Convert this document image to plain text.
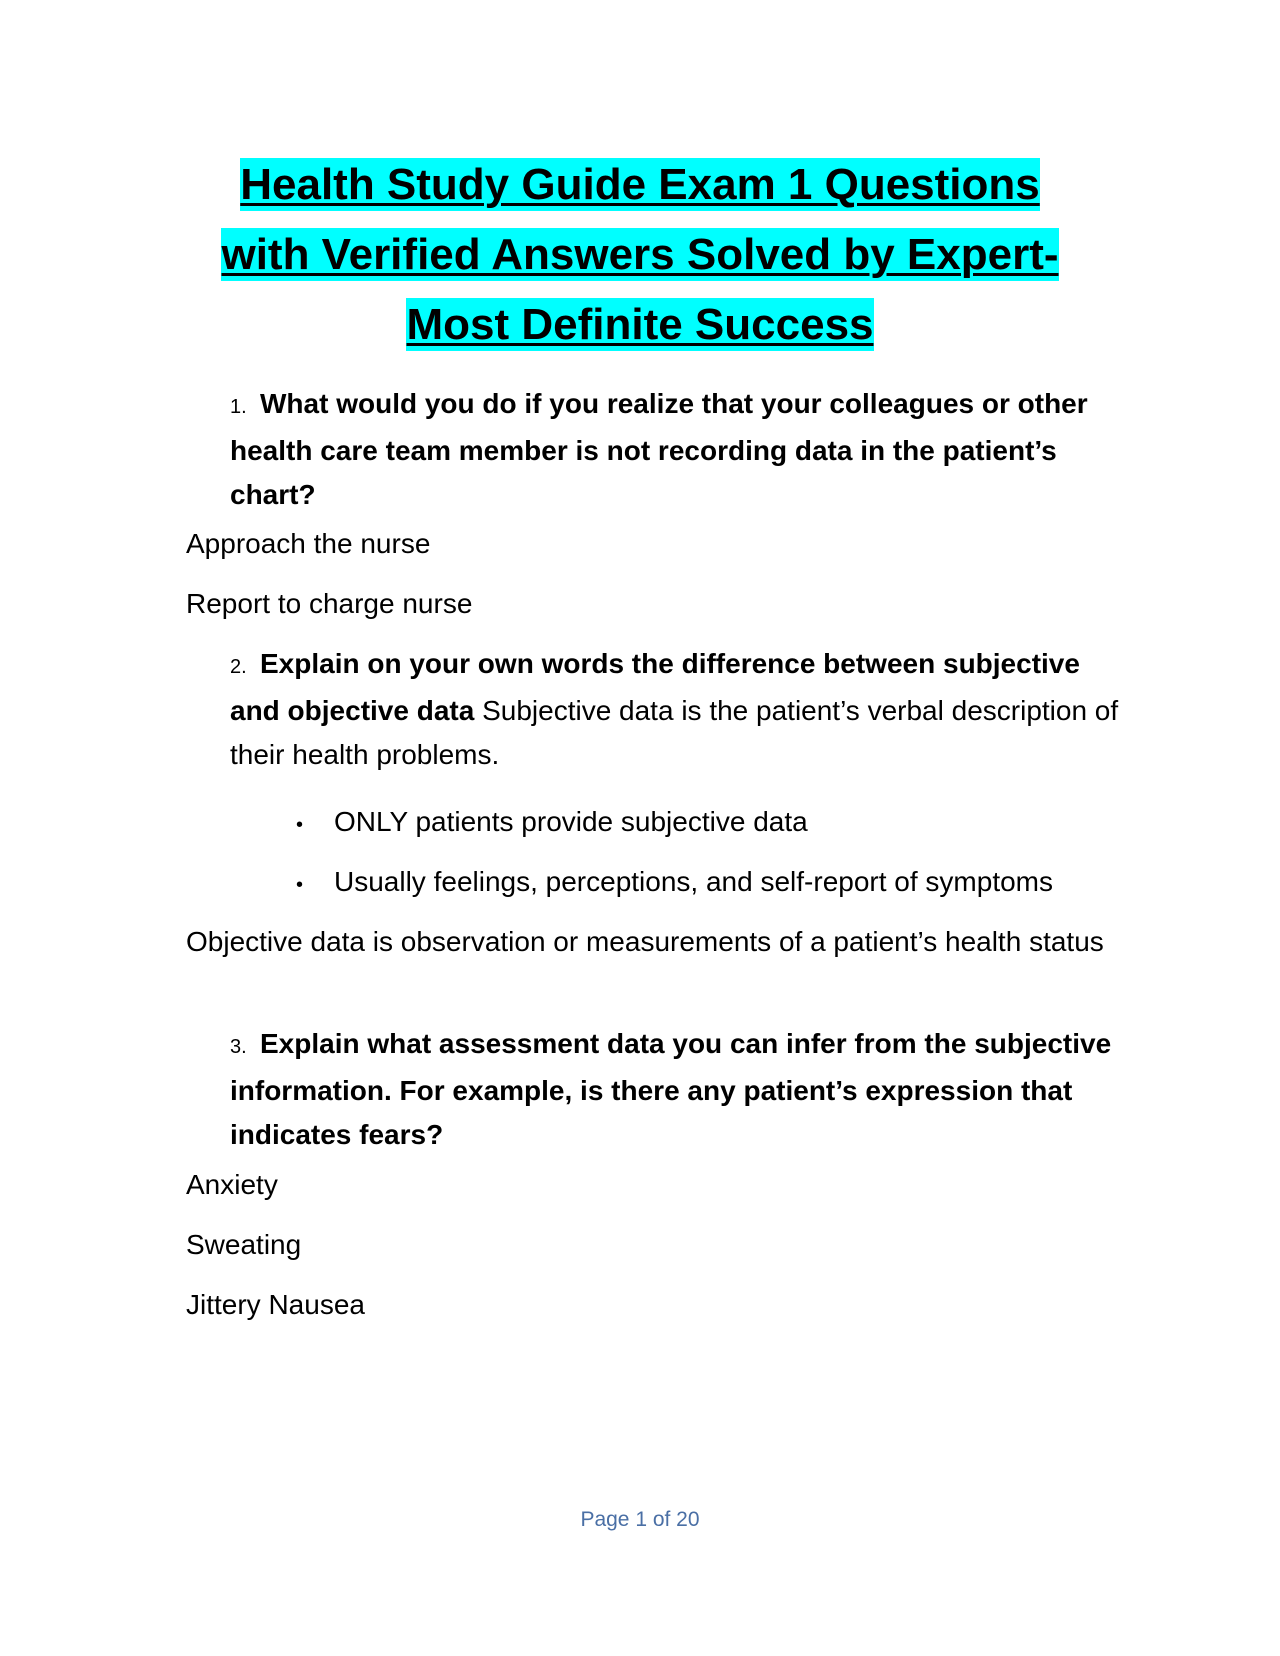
Health Study Guide Exam 1 Questions
with Verified Answers Solved by Expert-
Most Definite Success
1. What would you do if you realize that your colleagues or other health care team member is not recording data in the patient’s chart?
Approach the nurse
Report to charge nurse
2. Explain on your own words the difference between subjective and objective data Subjective data is the patient’s verbal description of their health problems.
• ONLY patients provide subjective data
• Usually feelings, perceptions, and self-report of symptoms
Objective data is observation or measurements of a patient’s health status
3. Explain what assessment data you can infer from the subjective information. For example, is there any patient’s expression that indicates fears?
Anxiety
Sweating
Jittery Nausea
Page 1 of 20
